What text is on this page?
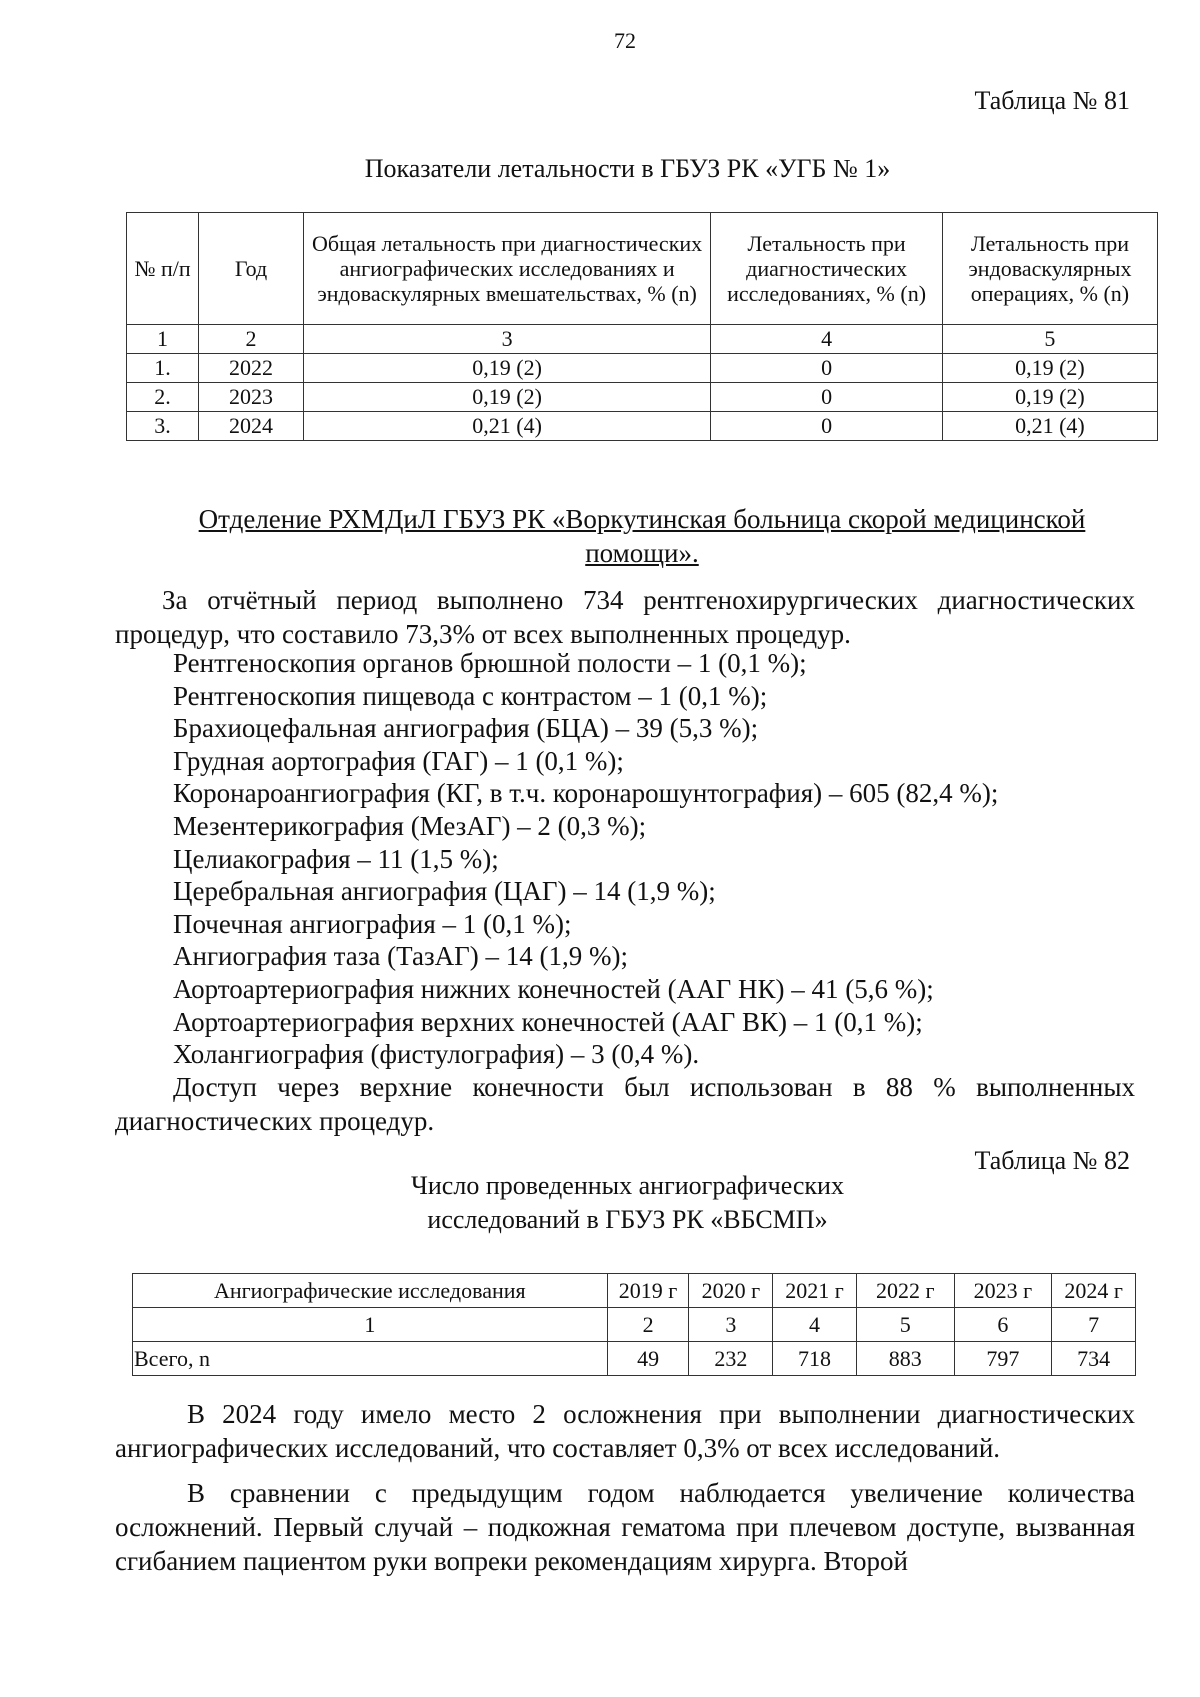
72
Таблица № 81
Показатели летальности в ГБУЗ РК «УГБ № 1»
№ п/п	Год	Общая летальность при диагностических ангиографических исследованиях и эндоваскулярных вмешательствах, % (n)	Летальность при диагностических исследованиях, % (n)	Летальность при эндоваскулярных операциях, % (n)
1	2	3	4	5
1.	2022	0,19 (2)	0	0,19 (2)
2.	2023	0,19 (2)	0	0,19 (2)
3.	2024	0,21 (4)	0	0,21 (4)
Отделение РХМДиЛ ГБУЗ РК «Воркутинская больница скорой медицинской помощи».
За отчётный период выполнено 734 рентгенохирургических диагностических процедур, что составило 73,3% от всех выполненных процедур.
Рентгеноскопия органов брюшной полости – 1 (0,1 %);
Рентгеноскопия пищевода с контрастом – 1 (0,1 %);
Брахиоцефальная ангиография (БЦА) – 39 (5,3 %);
Грудная аортография (ГАГ) – 1 (0,1 %);
Коронароангиография (КГ, в т.ч. коронарошунтография) – 605 (82,4 %);
Мезентерикография (МезАГ) – 2 (0,3 %);
Целиакография – 11 (1,5 %);
Церебральная ангиография (ЦАГ) – 14 (1,9 %);
Почечная ангиография – 1 (0,1 %);
Ангиография таза (ТазАГ) – 14 (1,9 %);
Аортоартериография нижних конечностей (ААГ НК) – 41 (5,6 %);
Аортоартериография верхних конечностей (ААГ ВК) – 1 (0,1 %);
Холангиография (фистулография) – 3 (0,4 %).
Доступ через верхние конечности был использован в 88 % выполненных диагностических процедур.
Таблица № 82
Число проведенных ангиографических
исследований в ГБУЗ РК «ВБСМП»
Ангиографические исследования	2019 г	2020 г	2021 г	2022 г	2023 г	2024 г
1	2	3	4	5	6	7
Всего, n	49	232	718	883	797	734
В 2024 году имело место 2 осложнения при выполнении диагностических ангиографических исследований, что составляет 0,3% от всех исследований.
В сравнении с предыдущим годом наблюдается увеличение количества осложнений. Первый случай – подкожная гематома при плечевом доступе, вызванная сгибанием пациентом руки вопреки рекомендациям хирурга. Второй
